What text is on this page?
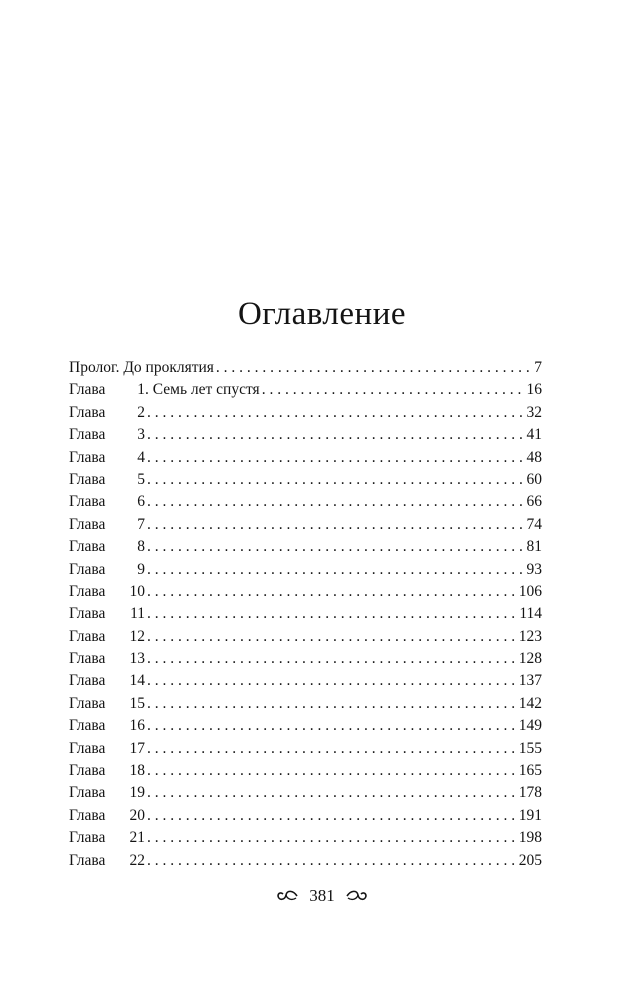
Оглавление
Пролог. До проклятия . . .	7
Глава	1 . Семь лет спустя . . .	16
Глава	2 . . .	32
Глава	3 . . .	41
Глава	4 . . .	48
Глава	5 . . .	60
Глава	6 . . .	66
Глава	7 . . .	74
Глава	8 . . .	81
Глава	9 . . .	93
Глава	10 . . .	106
Глава	11 . . .	114
Глава	12 . . .	123
Глава	13 . . .	128
Глава	14 . . .	137
Глава	15 . . .	142
Глава	16 . . .	149
Глава	17 . . .	155
Глава	18 . . .	165
Глава	19 . . .	178
Глава	20 . . .	191
Глава	21 . . .	198
Глава	22 . . .	205
381
